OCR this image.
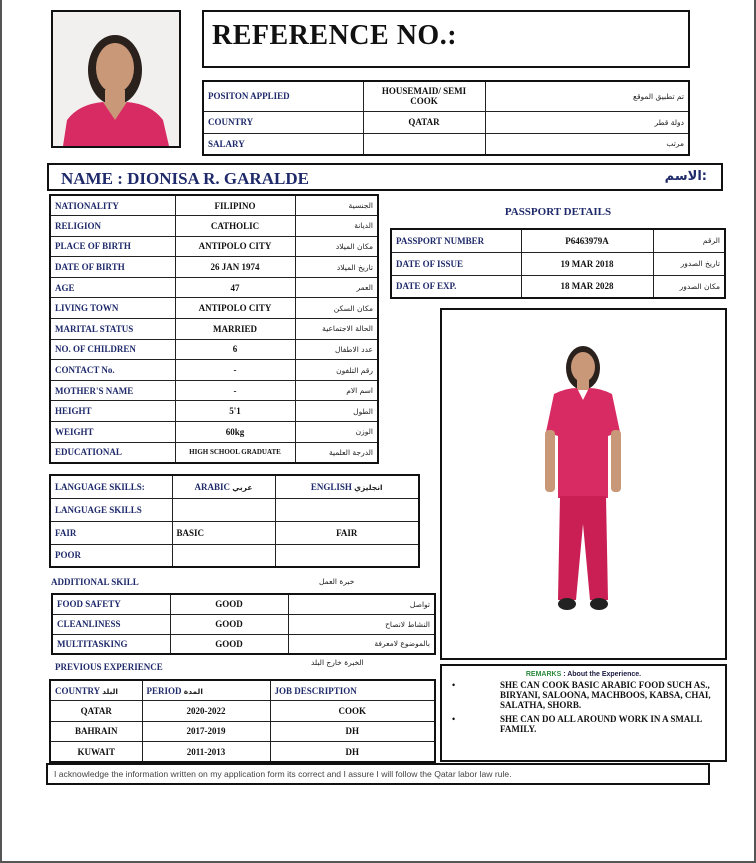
REFERENCE NO.:
POSITON APPLIED	HOUSEMAID/ SEMI COOK	تم تطبيق الموقع
COUNTRY	QATAR	دولة قطر
SALARY		مرتب
NAME : DIONISA R. GARALDE	الاسم:
NATIONALITY	FILIPINO	الجنسية
RELIGION	CATHOLIC	الديانة
PLACE OF BIRTH	ANTIPOLO CITY	مكان الميلاد
DATE OF BIRTH	26 JAN 1974	تاريخ الميلاد
AGE	47	العمر
LIVING TOWN	ANTIPOLO CITY	مكان السكن
MARITAL STATUS	MARRIED	الحالة الاجتماعية
NO. OF CHILDREN	6	عدد الاطفال
CONTACT No.	-	رقم التلفون
MOTHER'S NAME	-	اسم الام
HEIGHT	5'1	الطول
WEIGHT	60kg	الوزن
EDUCATIONAL	HIGH SCHOOL GRADUATE	الدرجة العلمية
PASSPORT DETAILS
PASSPORT NUMBER	P6463979A	الرقم
DATE OF ISSUE	19 MAR 2018	تاريخ الصدور
DATE OF EXP.	18 MAR 2028	مكان الصدور
LANGUAGE SKILLS:	ARABIC عربي	ENGLISH انجليزي
LANGUAGE SKILLS		
FAIR	BASIC	FAIR
POOR		
ADDITIONAL SKILL	خبرة العمل
FOOD SAFETY	GOOD	تواصل
CLEANLINESS	GOOD	النشاط لانصاح
MULTITASKING	GOOD	بالموضوع لامعرفة
PREVIOUS EXPERIENCE	الخبرة خارج البلد
COUNTRY البلد	PERIOD المدة	JOB DESCRIPTION
QATAR	2020-2022	COOK
BAHRAIN	2017-2019	DH
KUWAIT	2011-2013	DH
REMARKS : About the Experience.
•	SHE CAN COOK BASIC ARABIC FOOD SUCH AS., BIRYANI, SALOONA, MACHBOOS, KABSA, CHAI, SALATHA, SHORB.
•	SHE CAN DO ALL AROUND WORK IN A SMALL FAMILY.
I acknowledge the information written on my application form its correct and I assure I will follow the Qatar labor law rule.
